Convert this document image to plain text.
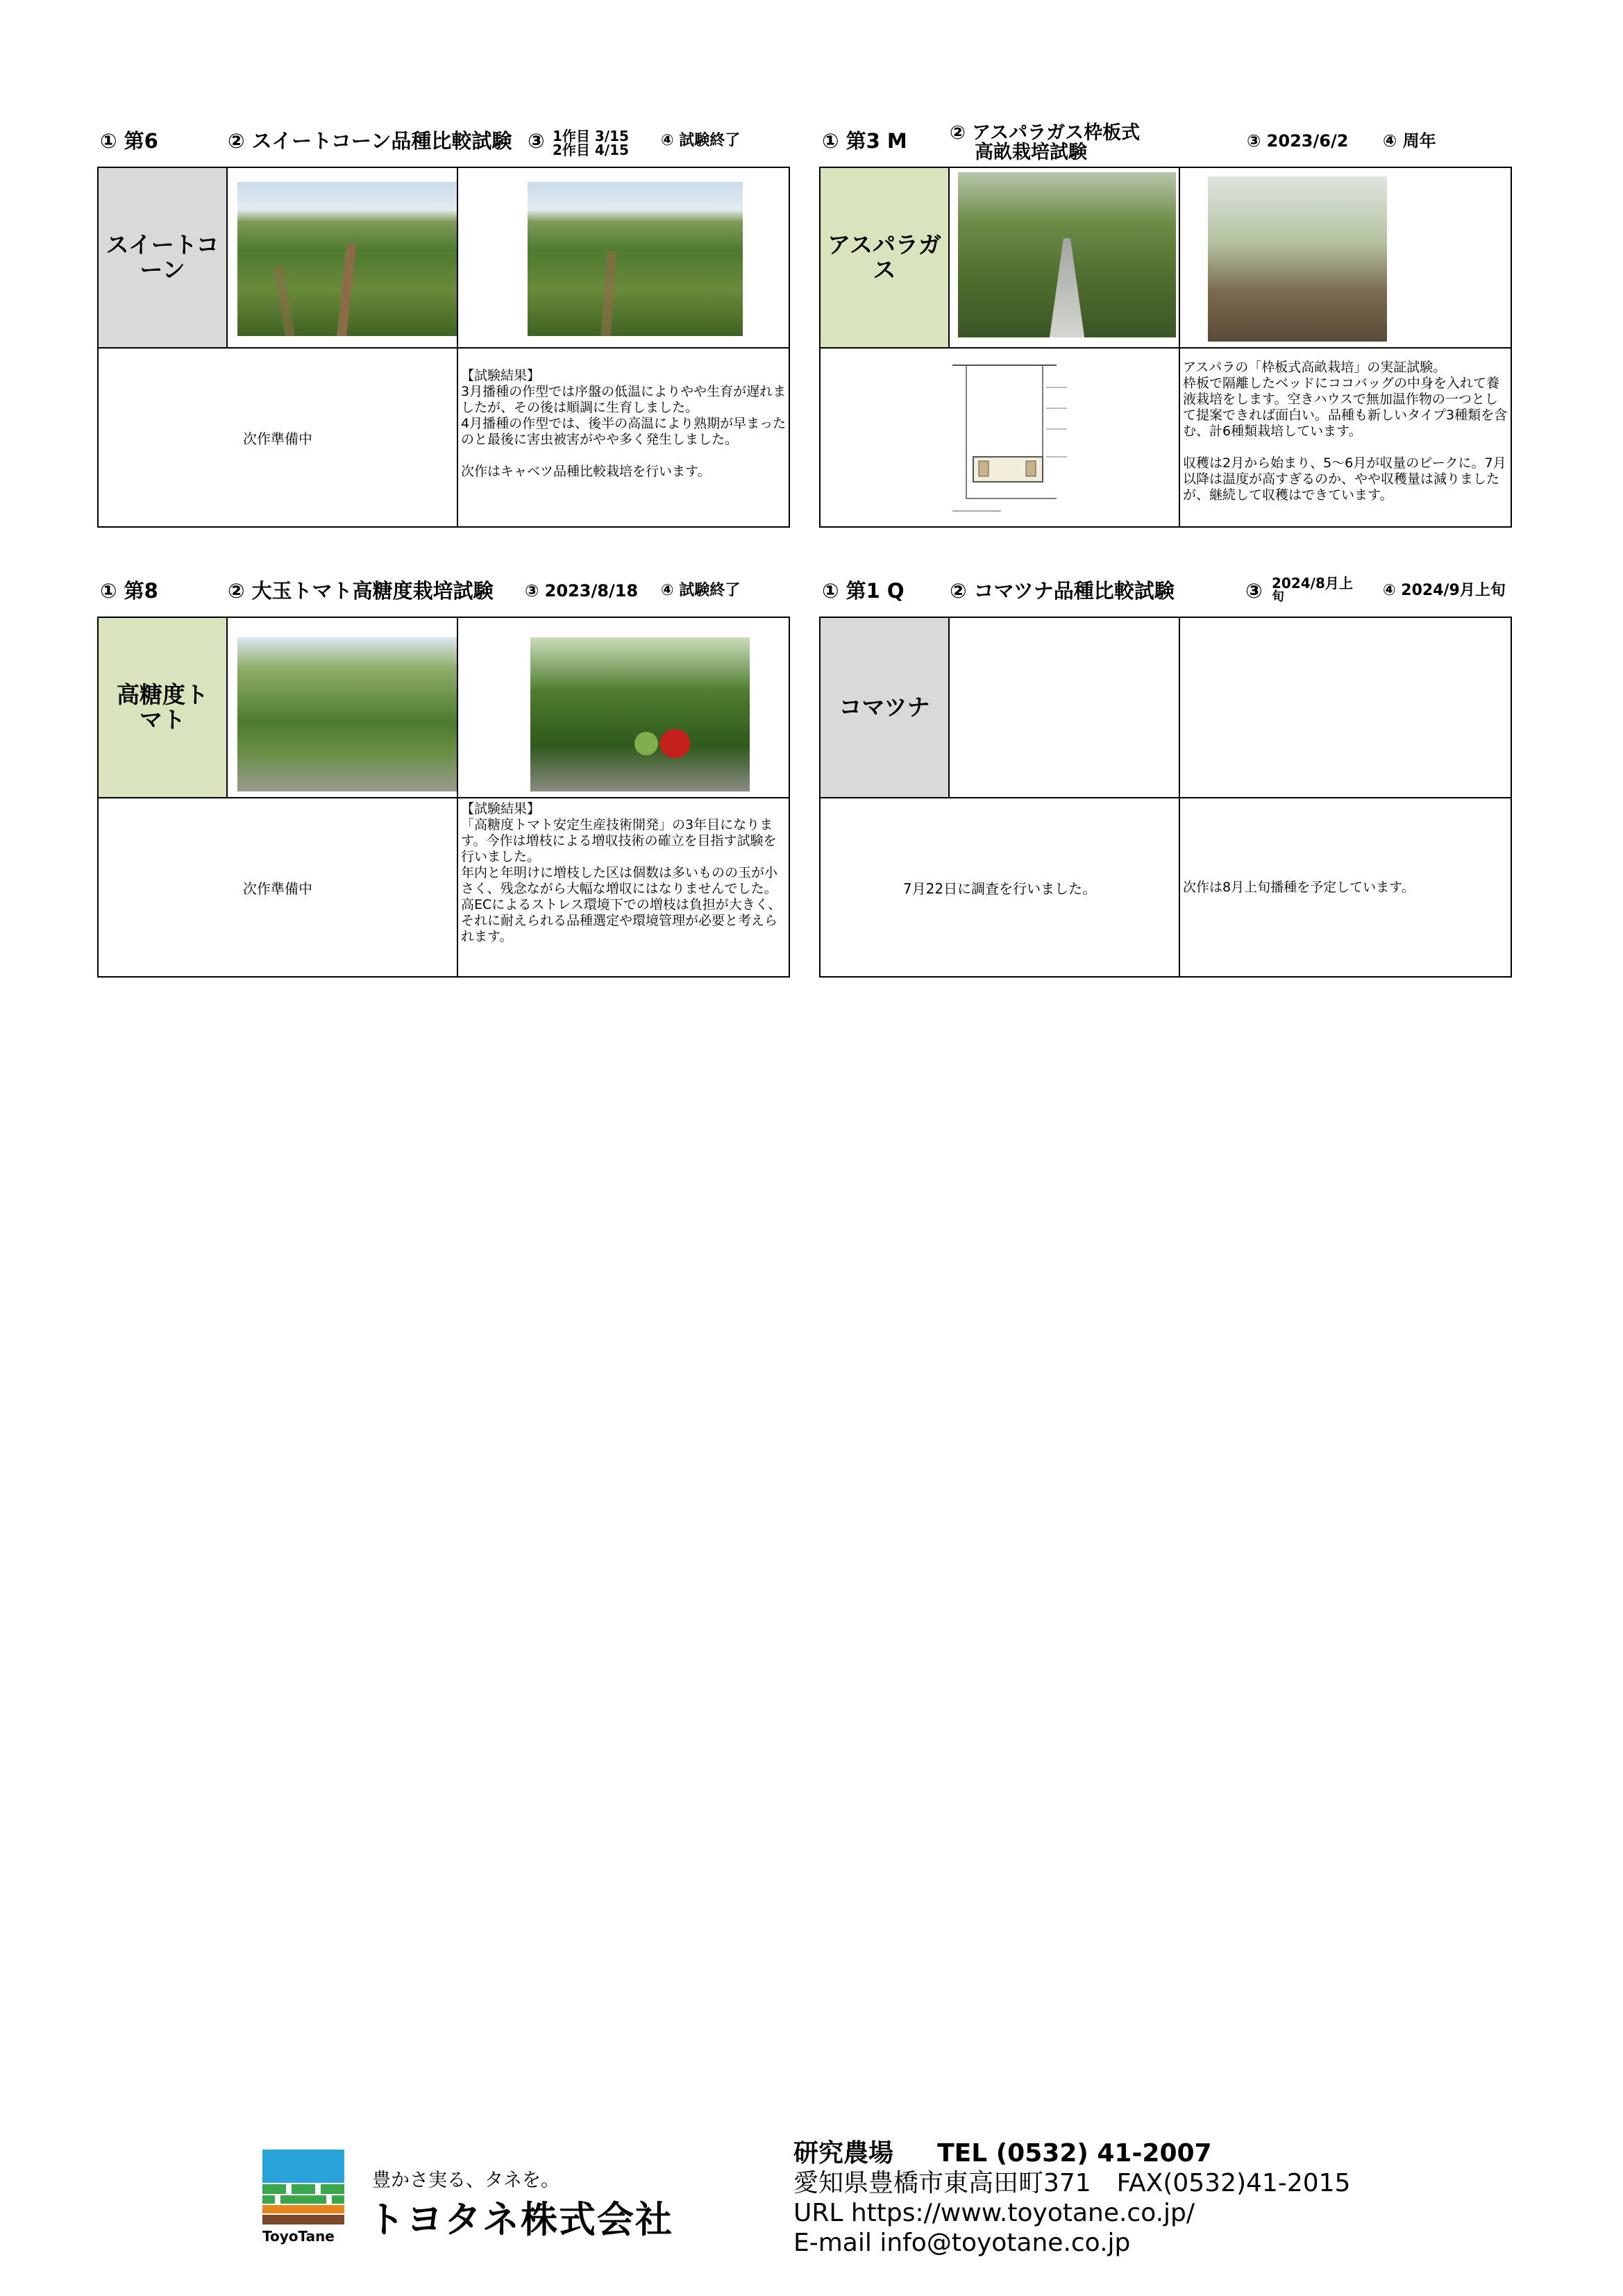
① 第6	② スイートコーン品種比較試験 ③ 1作目 3/15
2作目 4/15
④ 試験終了
スイートコーン
次作準備中
【試験結果】
3月播種の作型では序盤の低温によりやや生育が遅れましたが、その後は順調に生育しました。
4月播種の作型では、後半の高温により熟期が早まったのと最後に害虫被害がやや多く発生しました。

次作はキャベツ品種比較栽培を行います。
① 第3 M ② アスパラガス枠板式
高畝栽培試験
③ 2023/6/2 ④ 周年
アスパラガス
アスパラの「枠板式高畝栽培」の実証試験。
枠板で隔離したベッドにココバッグの中身を入れて養液栽培をします。空きハウスで無加温作物の一つとして提案できれば面白い。品種も新しいタイプ3種類を含む、計6種類栽培しています。

収穫は2月から始まり、5～6月が収量のピークに。7月以降は温度が高すぎるのか、やや収穫量は減りましたが、継続して収穫はできています。
① 第8	② 大玉トマト高糖度栽培試験 ③ 2023/8/18 ④ 試験終了
高糖度トマト
次作準備中
【試験結果】
「高糖度トマト安定生産技術開発」の3年目になります。今作は増枝による増収技術の確立を目指す試験を行いました。
年内と年明けに増枝した区は個数は多いものの玉が小さく、残念ながら大幅な増収にはなりませんでした。高ECによるストレス環境下での増枝は負担が大きく、それに耐えられる品種選定や環境管理が必要と考えられます。
① 第1 Q ② コマツナ品種比較試験	③ 2024/8月上
旬	④ 2024/9月上旬
コマツナ
7月22日に調査を行いました。	次作は8月上旬播種を予定しています。
ToyoTane
豊かさ実る、タネを。
トヨタネ株式会社
研究農場 TEL (0532) 41-2007
愛知県豊橋市東高田町371 FAX(0532)41-2015
URL https://www.toyotane.co.jp/
E-mail info@toyotane.co.jp
